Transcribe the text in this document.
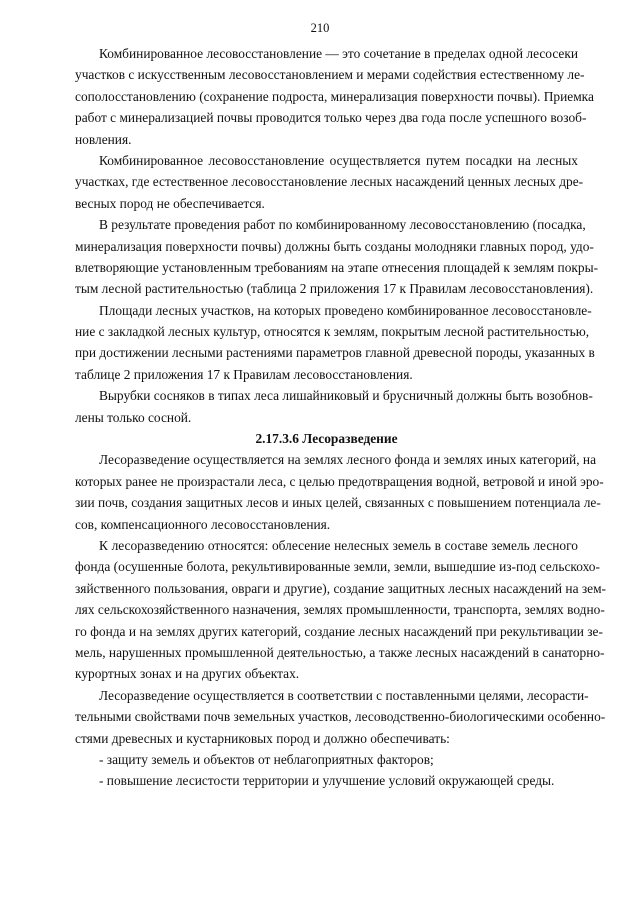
210
Комбинированное лесовосстановление — это сочетание в пределах одной лесосеки
участков с искусственным лесовосстановлением и мерами содействия естественному ле-
сополосстановлению (сохранение подроста, минерализация поверхности почвы). Приемка
работ с минерализацией почвы проводится только через два года после успешного возоб-
новления.
Комбинированное лесовосстановление осуществляется путем посадки на лесных
участках, где естественное лесовосстановление лесных насаждений ценных лесных дре-
весных пород не обеспечивается.
В результате проведения работ по комбинированному лесовосстановлению (посадка,
минерализация поверхности почвы) должны быть созданы молодняки главных пород, удо-
влетворяющие установленным требованиям на этапе отнесения площадей к землям покры-
тым лесной растительностью (таблица 2 приложения 17 к Правилам лесовосстановления).
Площади лесных участков, на которых проведено комбинированное лесовосстановле-
ние с закладкой лесных культур, относятся к землям, покрытым лесной растительностью,
при достижении лесными растениями параметров главной древесной породы, указанных в
таблице 2 приложения 17 к Правилам лесовосстановления.
Вырубки сосняков в типах леса лишайниковый и брусничный должны быть возобнов-
лены только сосной.
2.17.3.6 Лесоразведение
Лесоразведение осуществляется на землях лесного фонда и землях иных категорий, на
которых ранее не произрастали леса, с целью предотвращения водной, ветровой и иной эро-
зии почв, создания защитных лесов и иных целей, связанных с повышением потенциала ле-
сов, компенсационного лесовосстановления.
К лесоразведению относятся: облесение нелесных земель в составе земель лесного
фонда (осушенные болота, рекультивированные земли, земли, вышедшие из-под сельскохо-
зяйственного пользования, овраги и другие), создание защитных лесных насаждений на зем-
лях сельскохозяйственного назначения, землях промышленности, транспорта, землях водно-
го фонда и на землях других категорий, создание лесных насаждений при рекультивации зе-
мель, нарушенных промышленной деятельностью, а также лесных насаждений в санаторно-
курортных зонах и на других объектах.
Лесоразведение осуществляется в соответствии с поставленными целями, лесорасти-
тельными свойствами почв земельных участков, лесоводственно-биологическими особенно-
стями древесных и кустарниковых пород и должно обеспечивать:
- защиту земель и объектов от неблагоприятных факторов;
- повышение лесистости территории и улучшение условий окружающей среды.
